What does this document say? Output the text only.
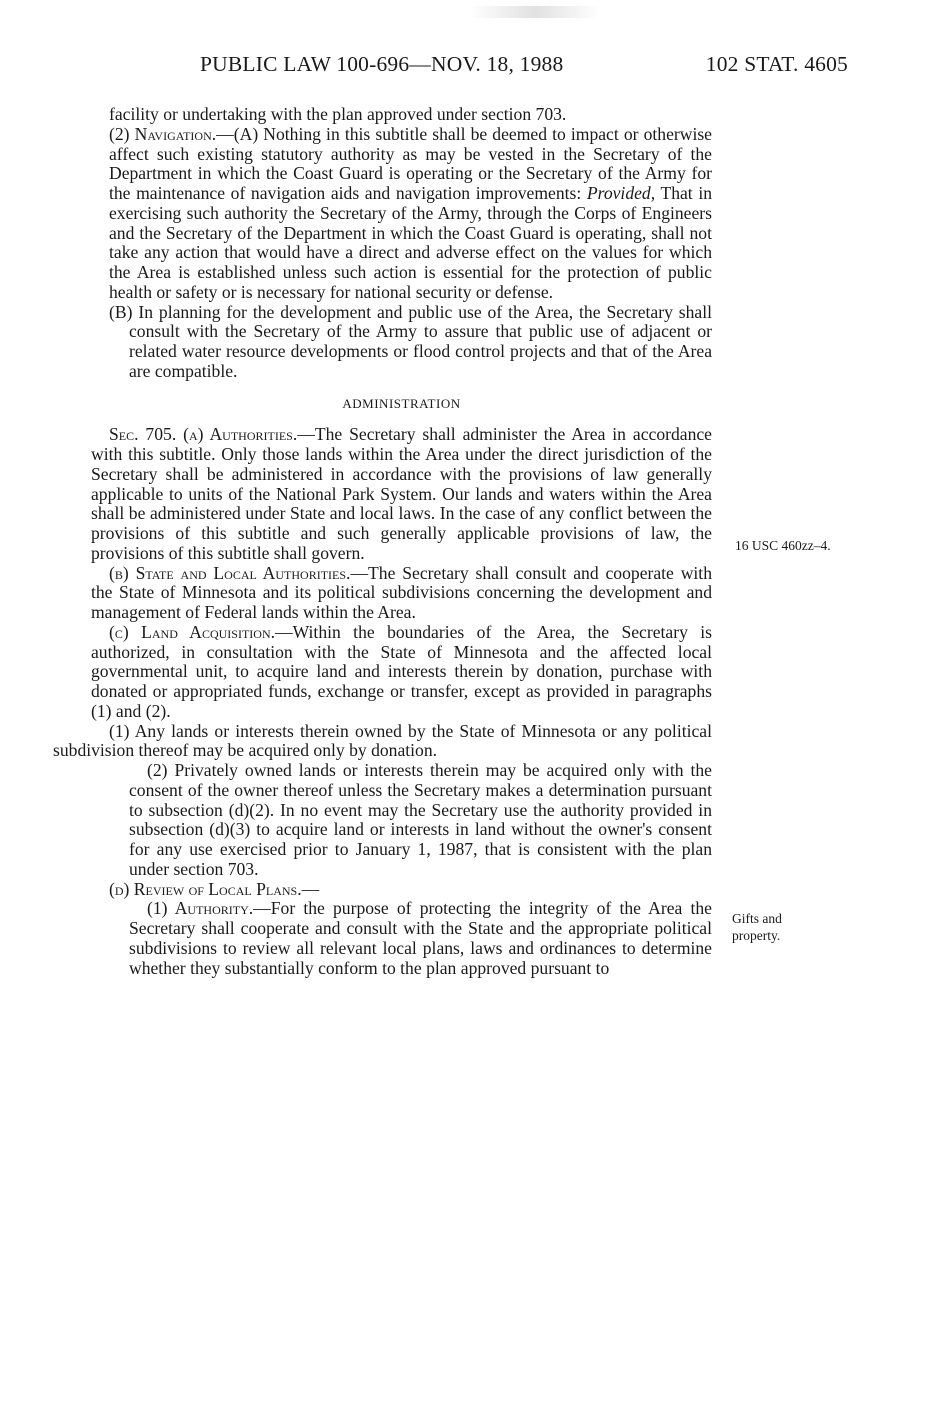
PUBLIC LAW 100-696—NOV. 18, 1988	102 STAT. 4605

facility or undertaking with the plan approved under section 703.

(2) Navigation.—(A) Nothing in this subtitle shall be deemed to impact or otherwise affect such existing statutory authority as may be vested in the Secretary of the Department in which the Coast Guard is operating or the Secretary of the Army for the maintenance of navigation aids and navigation improvements: Provided, That in exercising such authority the Secretary of the Army, through the Corps of Engineers and the Secretary of the Department in which the Coast Guard is operating, shall not take any action that would have a direct and adverse effect on the values for which the Area is established unless such action is essential for the protection of public health or safety or is necessary for national security or defense.

(B) In planning for the development and public use of the Area, the Secretary shall consult with the Secretary of the Army to assure that public use of adjacent or related water resource developments or flood control projects and that of the Area are compatible.

ADMINISTRATION

Sec. 705. (a) Authorities.—The Secretary shall administer the Area in accordance with this subtitle. Only those lands within the Area under the direct jurisdiction of the Secretary shall be administered in accordance with the provisions of law generally applicable to units of the National Park System. Our lands and waters within the Area shall be administered under State and local laws. In the case of any conflict between the provisions of this subtitle and such generally applicable provisions of law, the provisions of this subtitle shall govern.

(b) State and Local Authorities.—The Secretary shall consult and cooperate with the State of Minnesota and its political subdivisions concerning the development and management of Federal lands within the Area.

(c) Land Acquisition.—Within the boundaries of the Area, the Secretary is authorized, in consultation with the State of Minnesota and the affected local governmental unit, to acquire land and interests therein by donation, purchase with donated or appropriated funds, exchange or transfer, except as provided in paragraphs (1) and (2).

(1) Any lands or interests therein owned by the State of Minnesota or any political subdivision thereof may be acquired only by donation.

(2) Privately owned lands or interests therein may be acquired only with the consent of the owner thereof unless the Secretary makes a determination pursuant to subsection (d)(2). In no event may the Secretary use the authority provided in subsection (d)(3) to acquire land or interests in land without the owner's consent for any use exercised prior to January 1, 1987, that is consistent with the plan under section 703.

(d) Review of Local Plans.—

(1) Authority.—For the purpose of protecting the integrity of the Area the Secretary shall cooperate and consult with the State and the appropriate political subdivisions to review all relevant local plans, laws and ordinances to determine whether they substantially conform to the plan approved pursuant to

16 USC 460zz–4.
Gifts and
property.
